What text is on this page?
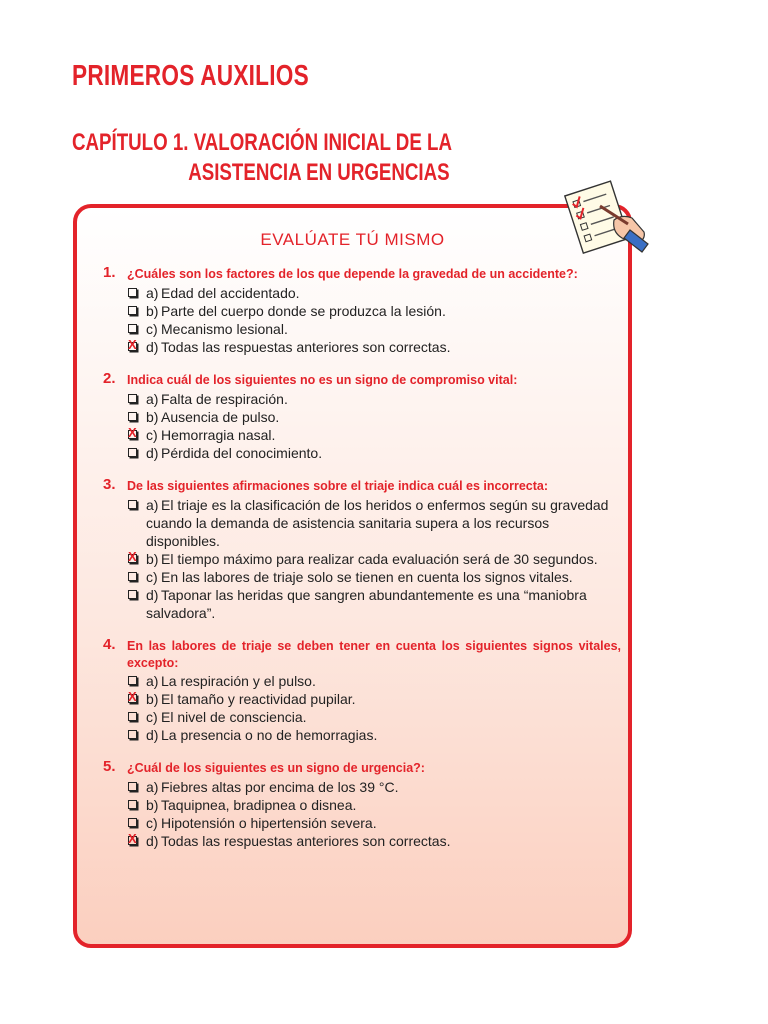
PRIMEROS AUXILIOS
CAPÍTULO 1. VALORACIÓN INICIAL DE LA
ASISTENCIA EN URGENCIAS
EVALÚATE TÚ MISMO
1. ¿Cuáles son los factores de los que depende la gravedad de un accidente?:
a) Edad del accidentado.
b) Parte del cuerpo donde se produzca la lesión.
c) Mecanismo lesional.
X
d) Todas las respuestas anteriores son correctas.
2. Indica cuál de los siguientes no es un signo de compromiso vital:
a) Falta de respiración.
b) Ausencia de pulso.
X
c) Hemorragia nasal.
d) Pérdida del conocimiento.
3. De las siguientes afirmaciones sobre el triaje indica cuál es incorrecta:
a) El triaje es la clasificación de los heridos o enfermos según su gravedad cuando la demanda de asistencia sanitaria supera a los recursos disponibles.
X
b) El tiempo máximo para realizar cada evaluación será de 30 segundos.
c) En las labores de triaje solo se tienen en cuenta los signos vitales.
d) Taponar las heridas que sangren abundantemente es una “maniobra salvadora”.
4. En las labores de triaje se deben tener en cuenta los siguientes signos vitales, excepto:
a) La respiración y el pulso.
X
b) El tamaño y reactividad pupilar.
c) El nivel de consciencia.
d) La presencia o no de hemorragias.
5. ¿Cuál de los siguientes es un signo de urgencia?:
a) Fiebres altas por encima de los 39 °C.
b) Taquipnea, bradipnea o disnea.
c) Hipotensión o hipertensión severa.
X
d) Todas las respuestas anteriores son correctas.
